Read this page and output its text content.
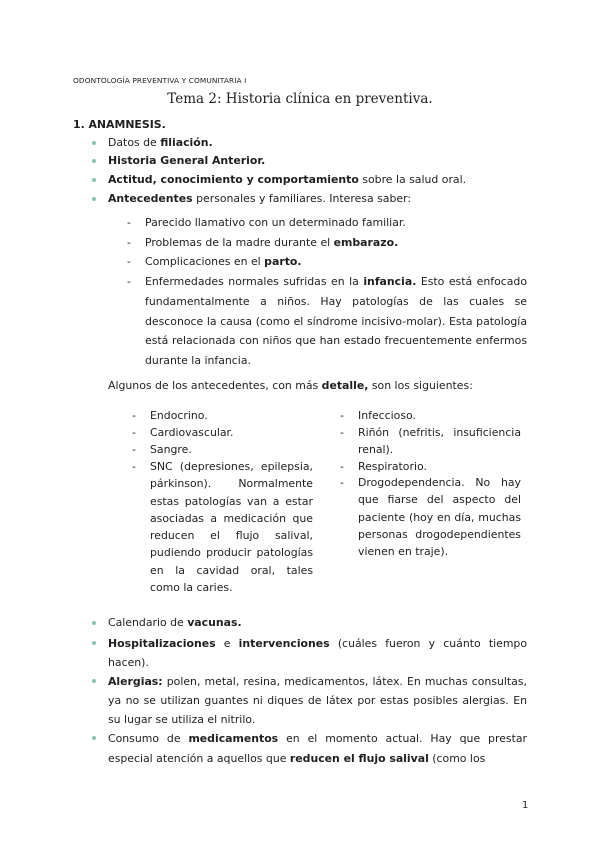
ODONTOLOGÍA PREVENTIVA Y COMUNITARIA I
Tema 2: Historia clínica en preventiva.
1. ANAMNESIS.

Datos de filiación.

Historia General Anterior.

Actitud, conocimiento y comportamiento sobre la salud oral.

Antecedentes personales y familiares. Interesa saber:

- Parecido llamativo con un determinado familiar.

- Problemas de la madre durante el embarazo.

- Complicaciones en el parto.

- Enfermedades normales sufridas en la infancia. Esto está enfocado fundamentalmente a niños. Hay patologías de las cuales se desconoce la causa (como el síndrome incisivo-molar). Esta patología está relacionada con niños que han estado frecuentemente enfermos durante la infancia.

Algunos de los antecedentes, con más detalle, son los siguientes:

- Endocrino.

- Cardiovascular.

- Sangre.

- SNC (depresiones, epilepsia, párkinson). Normalmente estas patologías van a estar asociadas a medicación que reducen el flujo salival, pudiendo producir patologías en la cavidad oral, tales como la caries.

- Infeccioso.

- Riñón (nefritis, insuficiencia renal).

- Respiratorio.

- Drogodependencia. No hay que fiarse del aspecto del paciente (hoy en día, muchas personas drogodependientes vienen en traje).

Calendario de vacunas.

Hospitalizaciones e intervenciones (cuáles fueron y cuánto tiempo hacen).

Alergias: polen, metal, resina, medicamentos, látex. En muchas consultas, ya no se utilizan guantes ni diques de látex por estas posibles alergias. En su lugar se utiliza el nitrilo.

Consumo de medicamentos en el momento actual. Hay que prestar especial atención a aquellos que reducen el flujo salival (como los

1
